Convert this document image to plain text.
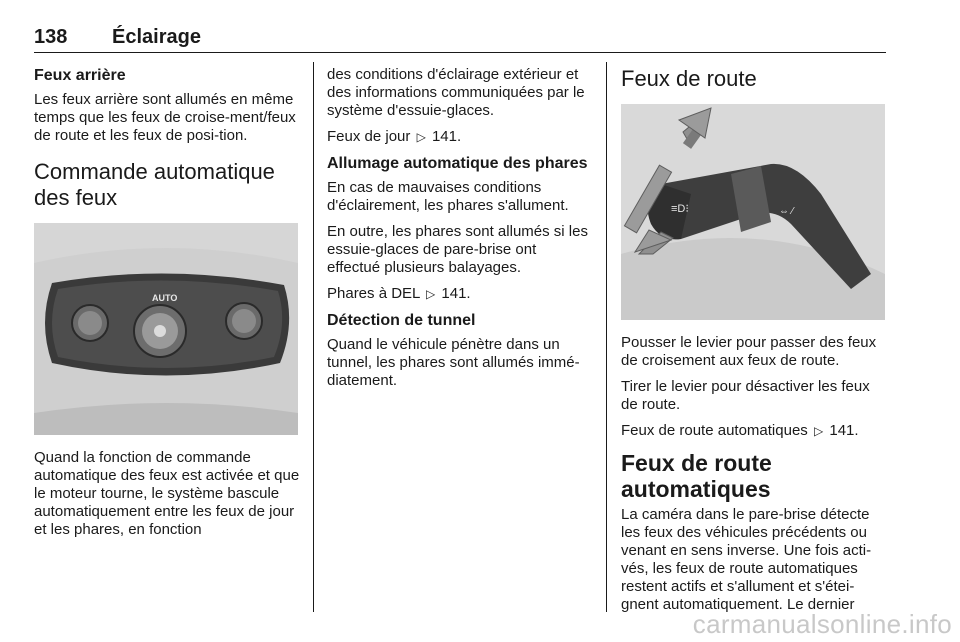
138 Éclairage
Feux arrière
Les feux arrière sont allumés en même temps que les feux de croise-ment/feux de route et les feux de posi-tion.
Commande automatique des feux
AUTO
Quand la fonction de commande automatique des feux est activée et que le moteur tourne, le système bascule automatiquement entre les feux de jour et les phares, en fonction
des conditions d'éclairage extérieur et des informations communiquées par le système d'essuie-glaces.
Feux de jour ▷ 141.
Allumage automatique des phares
En cas de mauvaises conditions d'éclairement, les phares s'allument.
En outre, les phares sont allumés si les essuie-glaces de pare-brise ont effectué plusieurs balayages.
Phares à DEL ▷ 141.
Détection de tunnel
Quand le véhicule pénètre dans un tunnel, les phares sont allumés immé-diatement.
Feux de route
≡D⁝	⇔ ⁄
Pousser le levier pour passer des feux de croisement aux feux de route.
Tirer le levier pour désactiver les feux de route.
Feux de route automatiques ▷ 141.
Feux de route automatiques
La caméra dans le pare-brise détecte les feux des véhicules précédents ou venant en sens inverse. Une fois acti-vés, les feux de route automatiques restent actifs et s'allument et s'étei-gnent automatiquement. Le dernier
carmanualsonline.info
